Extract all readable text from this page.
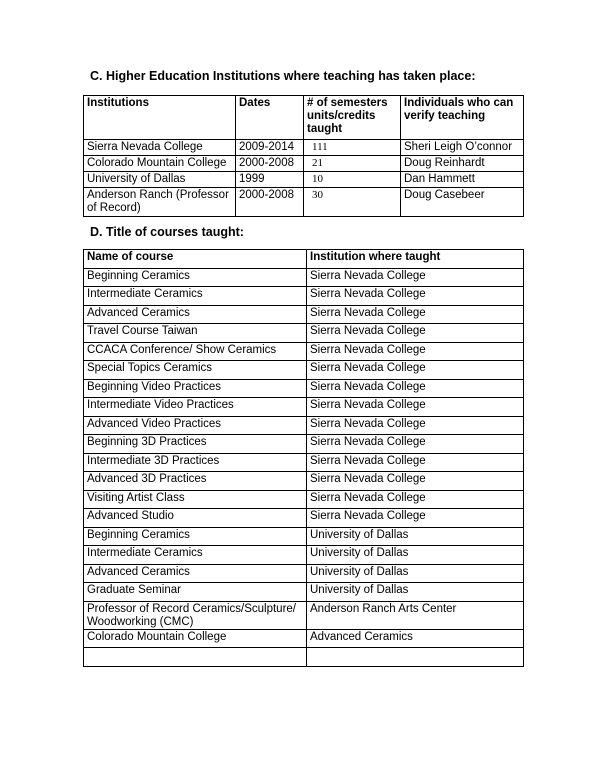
C. Higher Education Institutions where teaching has taken place:
Institutions	Dates	# of semesters units/credits taught	Individuals who can verify teaching
Sierra Nevada College	2009-2014	111	Sheri Leigh O’connor
Colorado Mountain College	2000-2008	21	Doug Reinhardt
University of Dallas	1999	10	Dan Hammett
Anderson Ranch (Professor of Record)	2000-2008	30	Doug Casebeer
D. Title of courses taught:
Name of course	Institution where taught
Beginning Ceramics	Sierra Nevada College
Intermediate Ceramics	Sierra Nevada College
Advanced Ceramics	Sierra Nevada College
Travel Course Taiwan	Sierra Nevada College
CCACA Conference/ Show Ceramics	Sierra Nevada College
Special Topics Ceramics	Sierra Nevada College
Beginning Video Practices	Sierra Nevada College
Intermediate Video Practices	Sierra Nevada College
Advanced Video Practices	Sierra Nevada College
Beginning 3D Practices	Sierra Nevada College
Intermediate 3D Practices	Sierra Nevada College
Advanced 3D Practices	Sierra Nevada College
Visiting Artist Class	Sierra Nevada College
Advanced Studio	Sierra Nevada College
Beginning Ceramics	University of Dallas
Intermediate Ceramics	University of Dallas
Advanced Ceramics	University of Dallas
Graduate Seminar	University of Dallas
Professor of Record Ceramics/Sculpture/ Woodworking (CMC)	Anderson Ranch Arts Center
Colorado Mountain College	Advanced Ceramics
